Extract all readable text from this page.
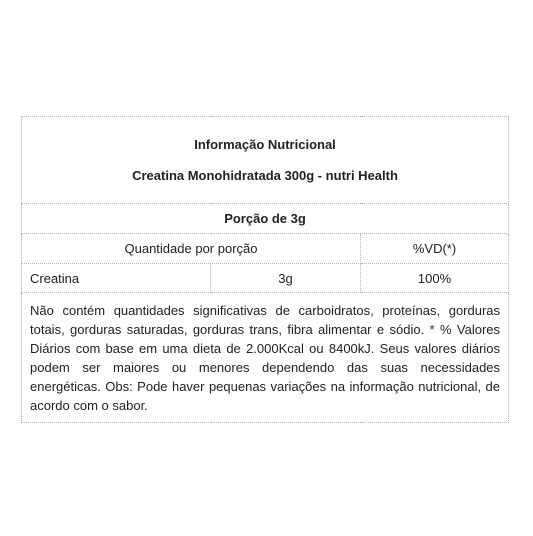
Informação Nutricional
Creatina Monohidratada 300g - nutri Health		

Porção de 3g		
Quantidade por porção		%VD(*)
Creatina	3g	100%
Não contém quantidades significativas de carboidratos, proteínas, gorduras totais, gorduras saturadas, gorduras trans, fibra alimentar e sódio. * % Valores Diários com base em uma dieta de 2.000Kcal ou 8400kJ. Seus valores diários podem ser maiores ou menores dependendo das suas necessidades energéticas. Obs: Pode haver pequenas variações na informação nutricional, de acordo com o sabor.		
